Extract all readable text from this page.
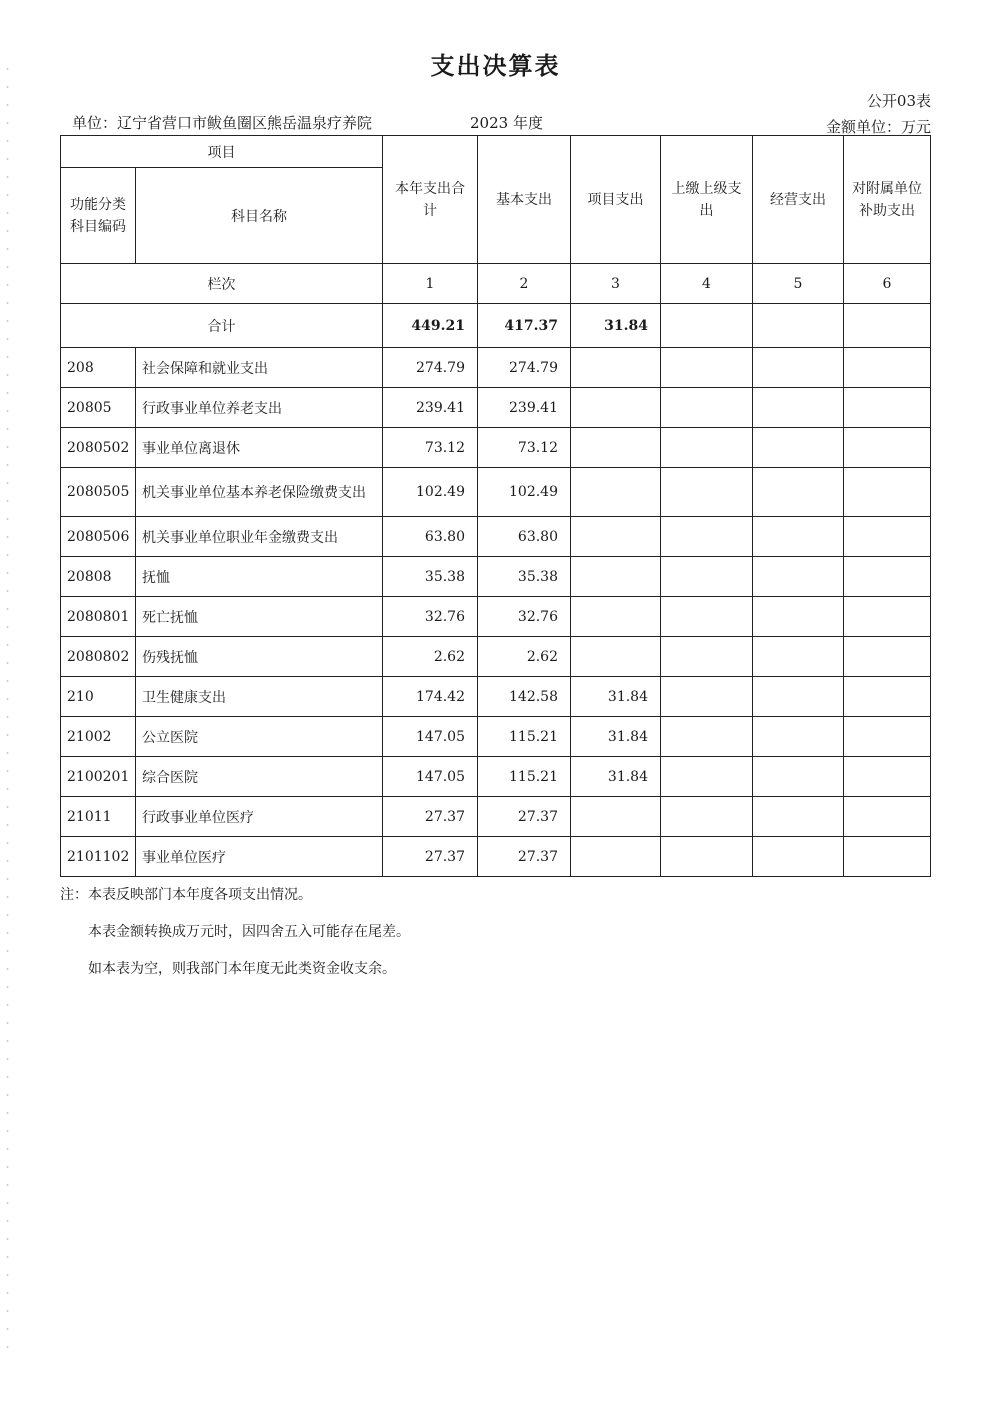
支出决算表
公开03表
单位：辽宁省营口市鲅鱼圈区熊岳温泉疗养院	2023 年度	金额单位：万元
项目		本年支出合计	基本支出	项目支出	上缴上级支出	经营支出	对附属单位补助支出
功能分类科目编码	科目名称						
栏次		1	2	3	4	5	6
合计		449.21	417.37	31.84			
208	社会保障和就业支出	274.79	274.79				
20805	行政事业单位养老支出	239.41	239.41				
2080502	事业单位离退休	73.12	73.12				
2080505	机关事业单位基本养老保险缴费支出	102.49	102.49				
2080506	机关事业单位职业年金缴费支出	63.80	63.80				
20808	抚恤	35.38	35.38				
2080801	死亡抚恤	32.76	32.76				
2080802	伤残抚恤	2.62	2.62				
210	卫生健康支出	174.42	142.58	31.84			
21002	公立医院	147.05	115.21	31.84			
2100201	综合医院	147.05	115.21	31.84			
21011	行政事业单位医疗	27.37	27.37				
2101102	事业单位医疗	27.37	27.37				
注：本表反映部门本年度各项支出情况。
本表金额转换成万元时，因四舍五入可能存在尾差。
如本表为空，则我部门本年度无此类资金收支余。
